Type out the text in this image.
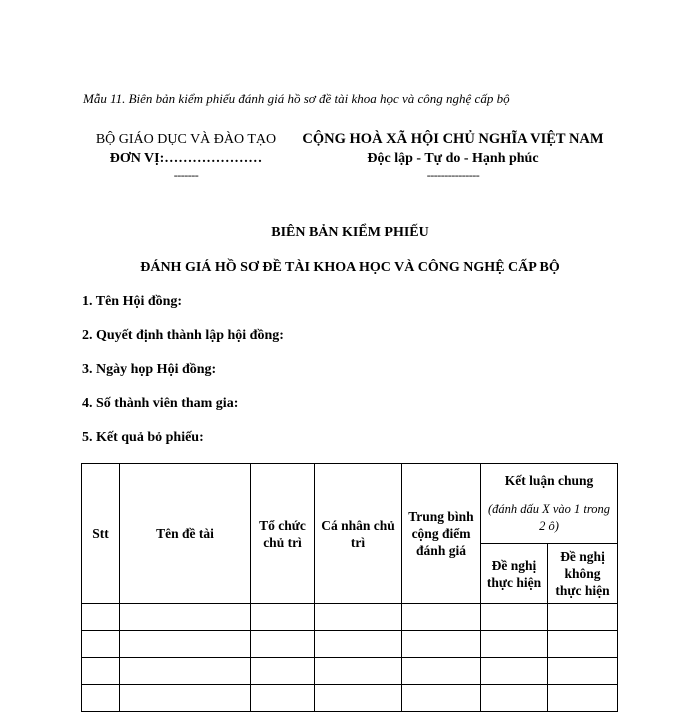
Mẫu 11. Biên bản kiểm phiếu đánh giá hồ sơ đề tài khoa học và công nghệ cấp bộ
BỘ GIÁO DỤC VÀ ĐÀO TẠO
ĐƠN VỊ:…………………
-------
CỘNG HOÀ XÃ HỘI CHỦ NGHĨA VIỆT NAM
Độc lập - Tự do - Hạnh phúc
---------------
BIÊN BẢN KIỂM PHIẾU
ĐÁNH GIÁ HỒ SƠ ĐỀ TÀI KHOA HỌC VÀ CÔNG NGHỆ CẤP BỘ
1. Tên Hội đồng:
2. Quyết định thành lập hội đồng:
3. Ngày họp Hội đồng:
4. Số thành viên tham gia:
5. Kết quả bỏ phiếu:
Stt	Tên đề tài	Tổ chức chủ trì	Cá nhân chủ trì	Trung bình cộng điểm đánh giá	Kết luận chung
(đánh dấu X vào 1 trong 2 ô)	

					Đề nghị thực hiện	Đề nghị không thực hiện
